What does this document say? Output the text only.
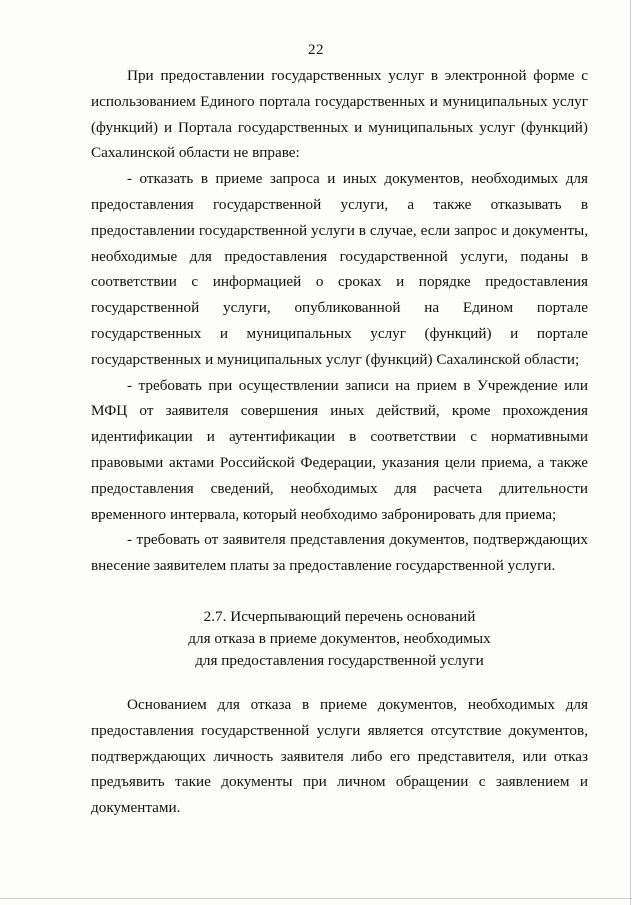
22

При предоставлении государственных услуг в электронной форме с использованием Единого портала государственных и муниципальных услуг (функций) и Портала государственных и муниципальных услуг (функций) Сахалинской области не вправе:

- отказать в приеме запроса и иных документов, необходимых для предоставления государственной услуги, а также отказывать в предоставлении государственной услуги в случае, если запрос и документы, необходимые для предоставления государственной услуги, поданы в соответствии с информацией о сроках и порядке предоставления государственной услуги, опубликованной на Едином портале государственных и муниципальных услуг (функций) и портале государственных и муниципальных услуг (функций) Сахалинской области;

- требовать при осуществлении записи на прием в Учреждение или МФЦ от заявителя совершения иных действий, кроме прохождения идентификации и аутентификации в соответствии с нормативными правовыми актами Российской Федерации, указания цели приема, а также предоставления сведений, необходимых для расчета длительности временного интервала, который необходимо забронировать для приема;

- требовать от заявителя представления документов, подтверждающих внесение заявителем платы за предоставление государственной услуги.

2.7. Исчерпывающий перечень оснований
для отказа в приеме документов, необходимых
для предоставления государственной услуги

Основанием для отказа в приеме документов, необходимых для предоставления государственной услуги является отсутствие документов, подтверждающих личность заявителя либо его представителя, или отказ предъявить такие документы при личном обращении с заявлением и документами.
